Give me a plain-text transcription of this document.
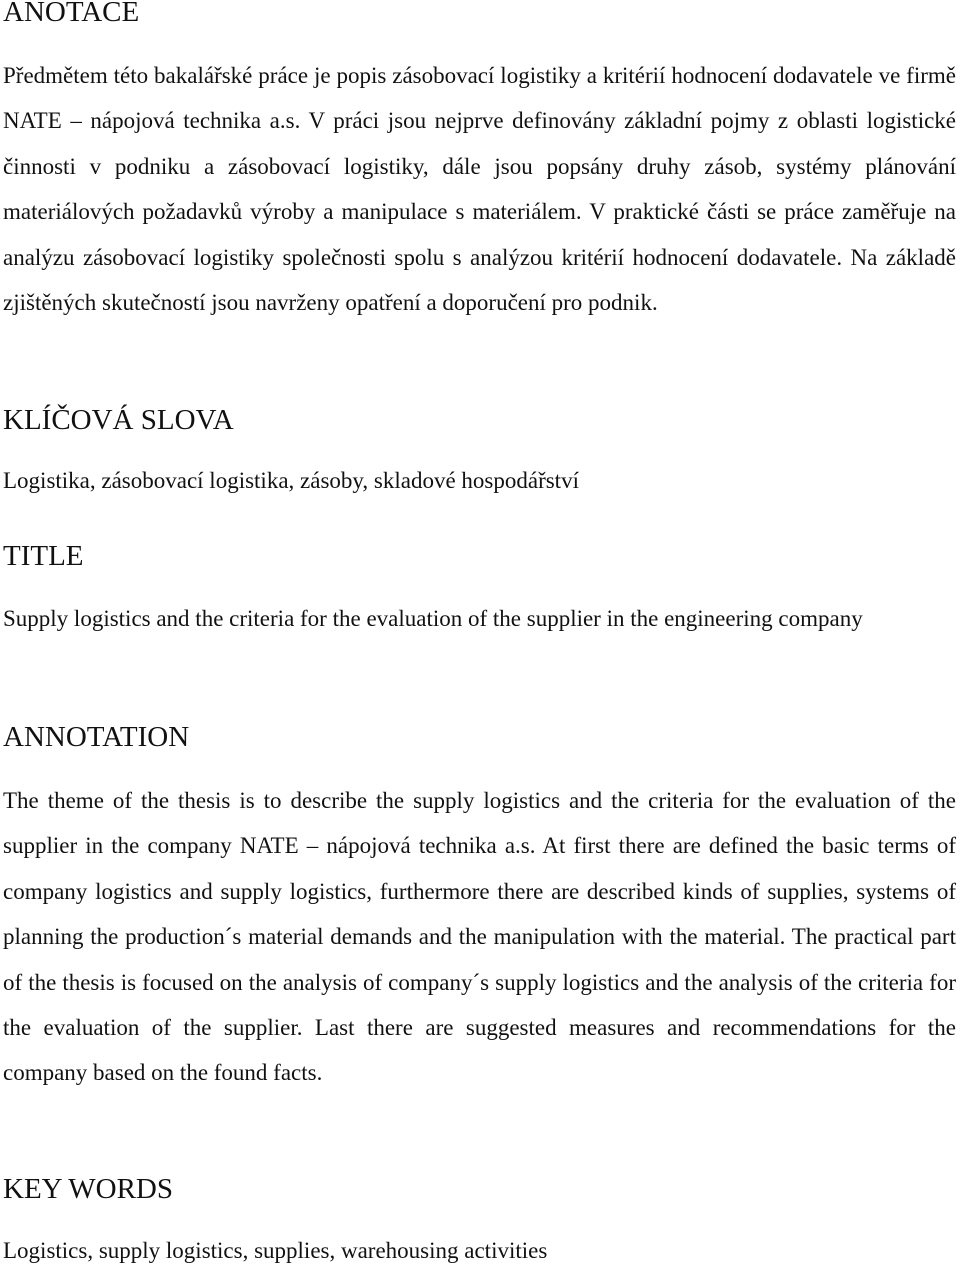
ANOTACE

Předmětem této bakalářské práce je popis zásobovací logistiky a kritérií hodnocení dodavatele ve firmě NATE – nápojová technika a.s. V práci jsou nejprve definovány základní pojmy z oblasti logistické činnosti v podniku a zásobovací logistiky, dále jsou popsány druhy zásob, systémy plánování materiálových požadavků výroby a manipulace s materiálem. V praktické části se práce zaměřuje na analýzu zásobovací logistiky společnosti spolu s analýzou kritérií hodnocení dodavatele. Na základě zjištěných skutečností jsou navrženy opatření a doporučení pro podnik.

KLÍČOVÁ SLOVA

Logistika, zásobovací logistika, zásoby, skladové hospodářství

TITLE

Supply logistics and the criteria for the evaluation of the supplier in the engineering company

ANNOTATION

The theme of the thesis is to describe the supply logistics and the criteria for the evaluation of the supplier in the company NATE – nápojová technika a.s. At first there are defined the basic terms of company logistics and supply logistics, furthermore there are described kinds of supplies, systems of planning the production´s material demands and the manipulation with the material. The practical part of the thesis is focused on the analysis of company´s supply logistics and the analysis of the criteria for the evaluation of the supplier. Last there are suggested measures and recommendations for the company based on the found facts.

KEY WORDS

Logistics, supply logistics, supplies, warehousing activities
